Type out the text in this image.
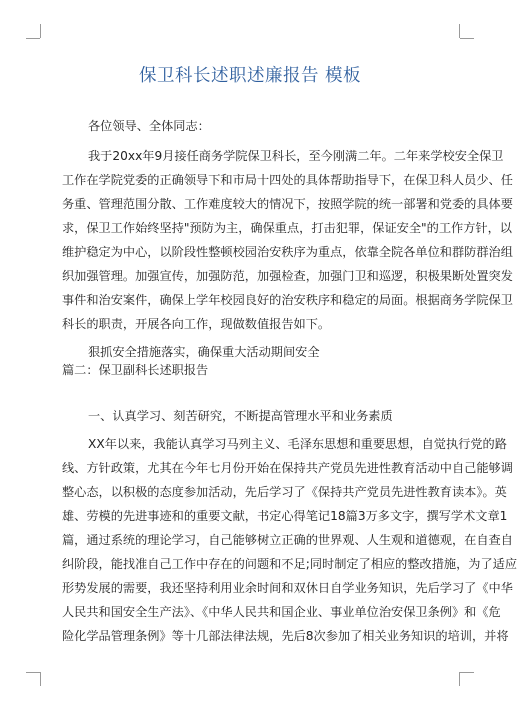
保卫科长述职述廉报告 模板
各位领导、全体同志：
我于20xx年9月接任商务学院保卫科长，至今刚满二年。二年来学校安全保卫
工作在学院党委的正确领导下和市局十四处的具体帮助指导下，在保卫科人员少、任
务重、管理范围分散、工作难度较大的情况下，按照学院的统一部署和党委的具体要
求，保卫工作始终坚持"预防为主，确保重点，打击犯罪，保证安全"的工作方针，以
维护稳定为中心，以阶段性整顿校园治安秩序为重点，依靠全院各单位和群防群治组
织加强管理。加强宣传，加强防范，加强检查，加强门卫和巡逻，积极果断处置突发
事件和治安案件，确保上学年校园良好的治安秩序和稳定的局面。根据商务学院保卫
科长的职责，开展各向工作，现做数值报告如下。
狠抓安全措施落实，确保重大活动期间安全
篇二：保卫副科长述职报告
一、认真学习、刻苦研究，不断提高管理水平和业务素质
XX年以来，我能认真学习马列主义、毛泽东思想和重要思想，自觉执行党的路
线、方针政策，尤其在今年七月份开始在保持共产党员先进性教育活动中自己能够调
整心态，以积极的态度参加活动，先后学习了《保持共产党员先进性教育读本》。英
雄、劳模的先进事迹和的重要文献，书定心得笔记18篇3万多文字，撰写学术文章1
篇，通过系统的理论学习，自己能够树立正确的世界观、人生观和道德观，在自查自
纠阶段，能找准自己工作中存在的问题和不足;同时制定了相应的整改措施，为了适应
形势发展的需要，我还坚持利用业余时间和双休日自学业务知识，先后学习了《中华
人民共和国安全生产法》、《中华人民共和国企业、事业单位治安保卫条例》和《危
险化学品管理条例》等十几部法律法规，先后8次参加了相关业务知识的培训，并将
